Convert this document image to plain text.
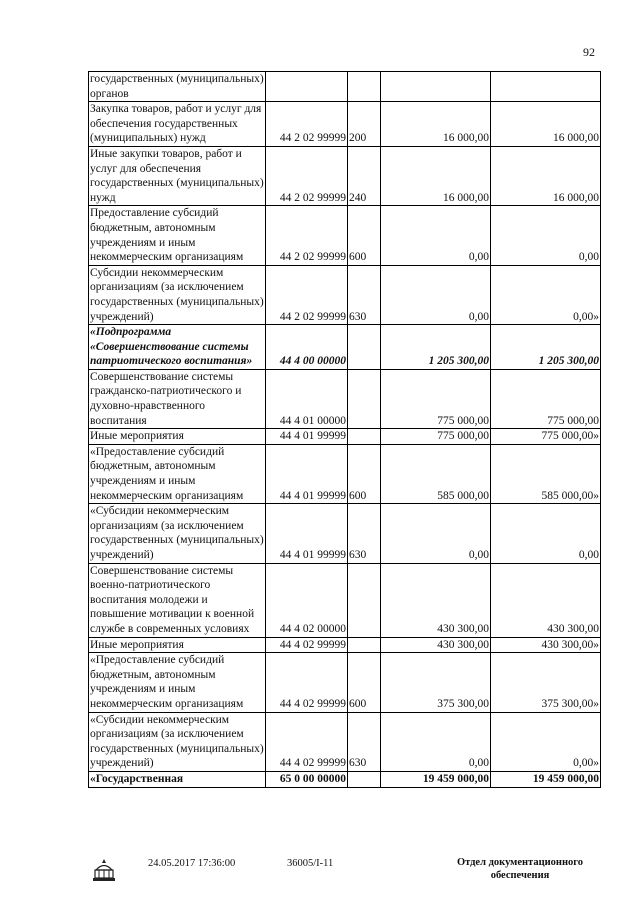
92
государственных (муниципальных) органов				
Закупка товаров, работ и услуг для обеспечения государственных (муниципальных) нужд	44 2 02 99999	200	16 000,00	16 000,00
Иные закупки товаров, работ и услуг для обеспечения государственных (муниципальных) нужд	44 2 02 99999	240	16 000,00	16 000,00
Предоставление субсидий бюджетным, автономным учреждениям и иным некоммерческим организациям	44 2 02 99999	600	0,00	0,00
Субсидии некоммерческим организациям (за исключением государственных (муниципальных) учреждений)	44 2 02 99999	630	0,00	0,00»
«Подпрограмма «Совершенствование системы патриотического воспитания»	44 4 00 00000		1 205 300,00	1 205 300,00
Совершенствование системы гражданско-патриотического и духовно-нравственного воспитания	44 4 01 00000		775 000,00	775 000,00
Иные мероприятия	44 4 01 99999		775 000,00	775 000,00»
«Предоставление субсидий бюджетным, автономным учреждениям и иным некоммерческим организациям	44 4 01 99999	600	585 000,00	585 000,00»
«Субсидии некоммерческим организациям (за исключением государственных (муниципальных) учреждений)	44 4 01 99999	630	0,00	0,00
Совершенствование системы военно-патриотического воспитания молодежи и повышение мотивации к военной службе в современных условиях	44 4 02 00000		430 300,00	430 300,00
Иные мероприятия	44 4 02 99999		430 300,00	430 300,00»
«Предоставление субсидий бюджетным, автономным учреждениям и иным некоммерческим организациям	44 4 02 99999	600	375 300,00	375 300,00»
«Субсидии некоммерческим организациям (за исключением государственных (муниципальных) учреждений)	44 4 02 99999	630	0,00	0,00»
«Государственная	65 0 00 00000		19 459 000,00	19 459 000,00
24.05.2017 17:36:00	36005/I-11	Отдел документационного обеспечения
